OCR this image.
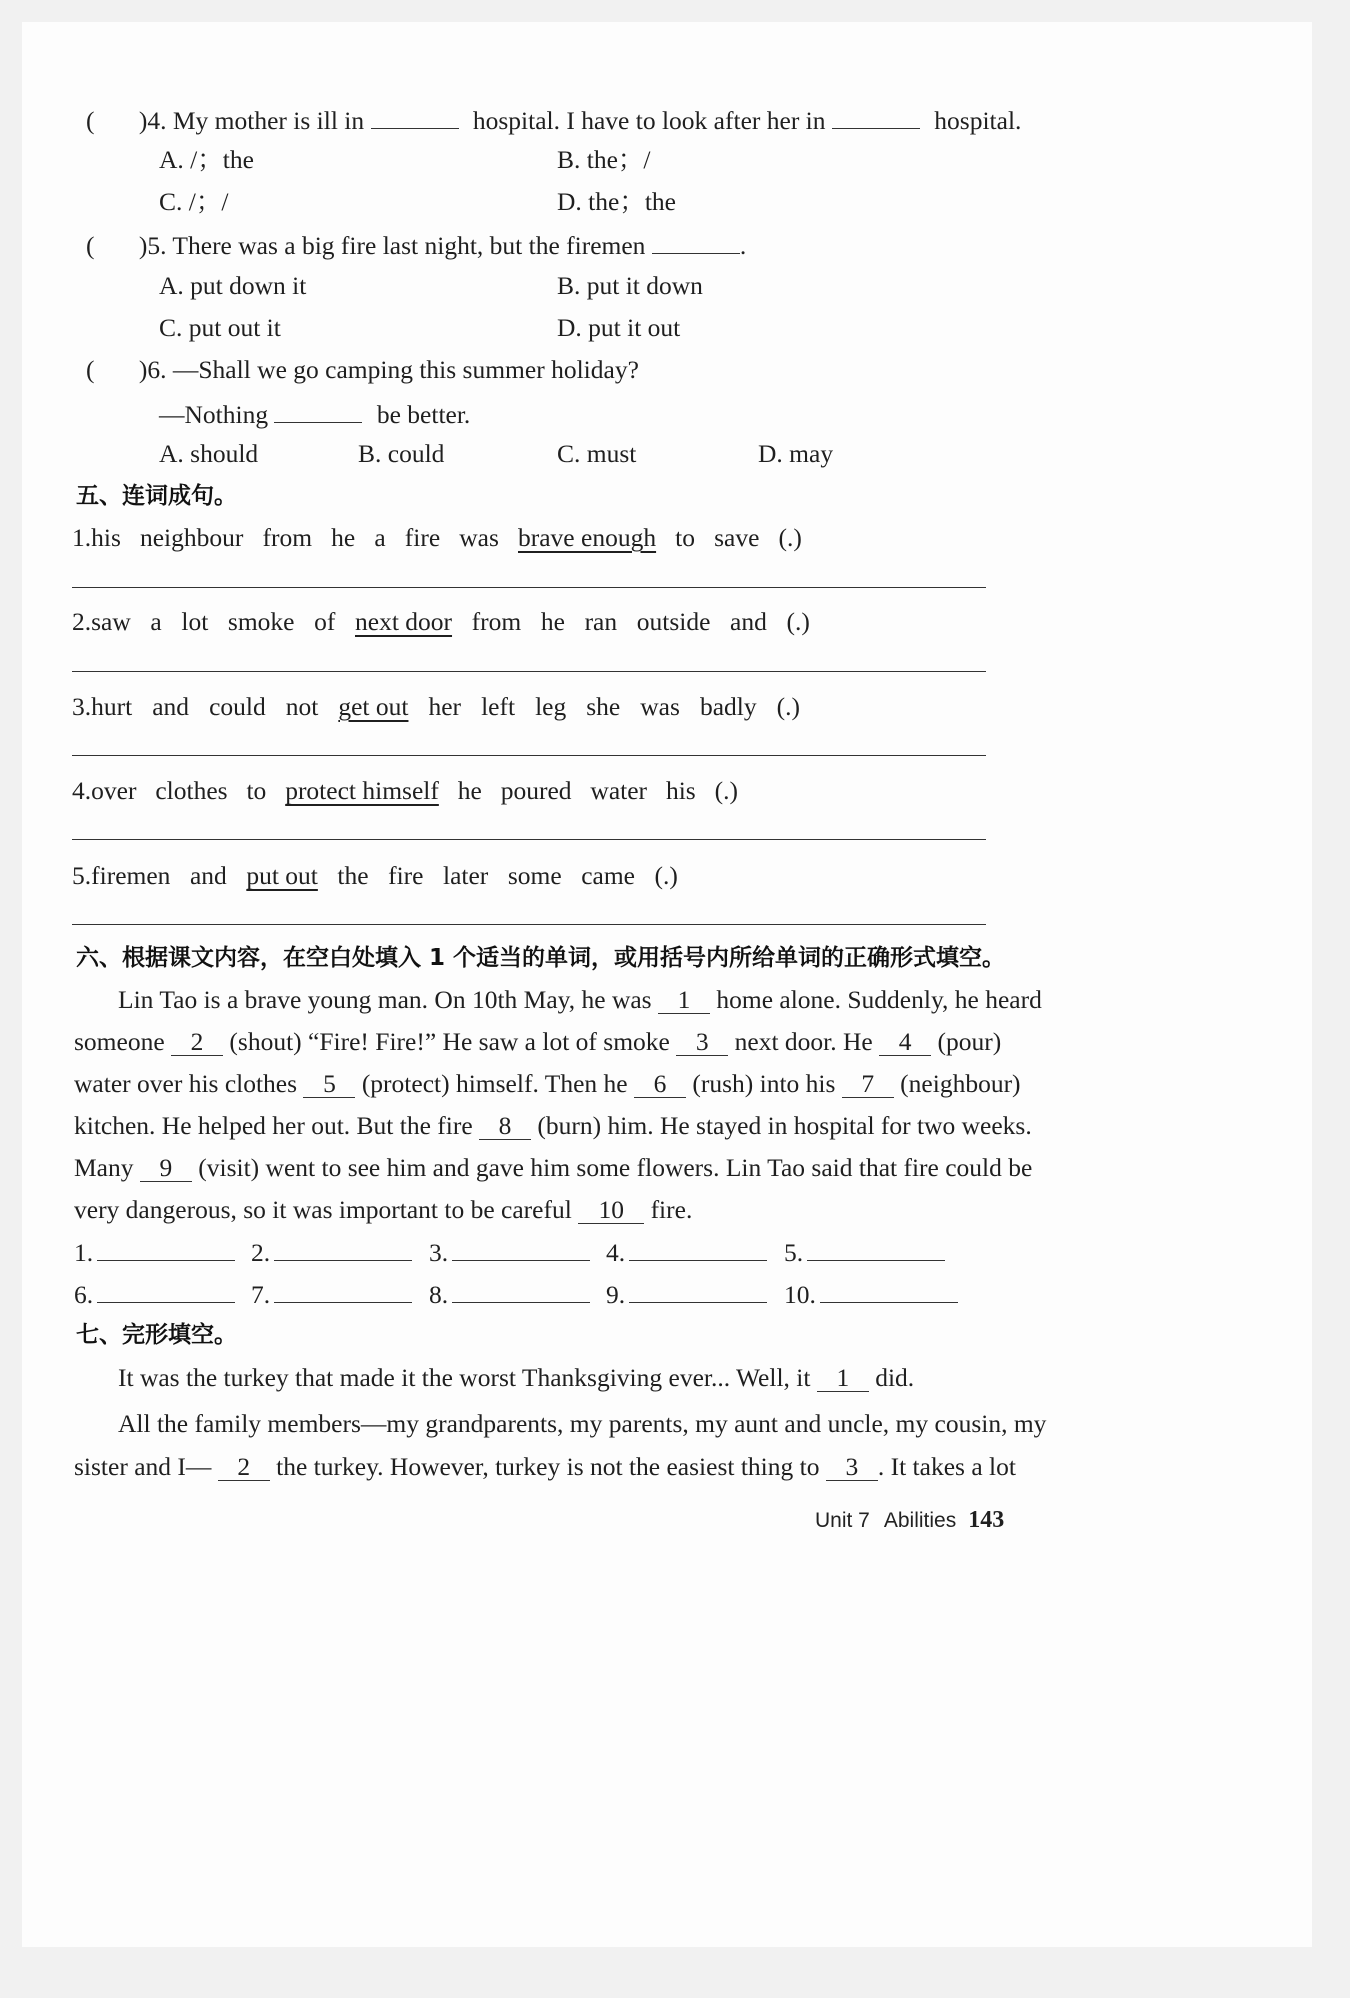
( )4. My mother is ill in	hospital. I have to look after her in	hospital.
A. /；the	B. the；/
C. /；/	D. the；the
( )5. There was a big fire last night, but the firemen	.
A. put down it	B. put it down
C. put out it	D. put it out
( )6. —Shall we go camping this summer holiday?
—Nothing	be better.
A. should	B. could	C. must	D. may
五、连词成句。
1.his neighbour from he a fire was brave enough to save (.)
2.saw a lot smoke of next door from he ran outside and (.)
3.hurt and could not get out her left leg she was badly (.)
4.over clothes to protect himself he poured water his (.)
5.firemen and put out the fire later some came (.)
六、根据课文内容，在空白处填入 1 个适当的单词，或用括号内所给单词的正确形式填空。
Lin Tao is a brave young man. On 10th May, he was 1 home alone. Suddenly, he heard
someone 2 (shout) “Fire! Fire!” He saw a lot of smoke 3 next door. He 4 (pour)
water over his clothes 5 (protect) himself. Then he 6 (rush) into his 7 (neighbour)
kitchen. He helped her out. But the fire 8 (burn) him. He stayed in hospital for two weeks.
Many 9 (visit) went to see him and gave him some flowers. Lin Tao said that fire could be
very dangerous, so it was important to be careful 10 fire.
1.	2.	3.	4.	5.
6.	7.	8.	9.	10.
七、完形填空。
It was the turkey that made it the worst Thanksgiving ever... Well, it 1 did.
All the family members—my grandparents, my parents, my aunt and uncle, my cousin, my
sister and I— 2 the turkey. However, turkey is not the easiest thing to 3 . It takes a lot
Unit 7 Abilities 143
